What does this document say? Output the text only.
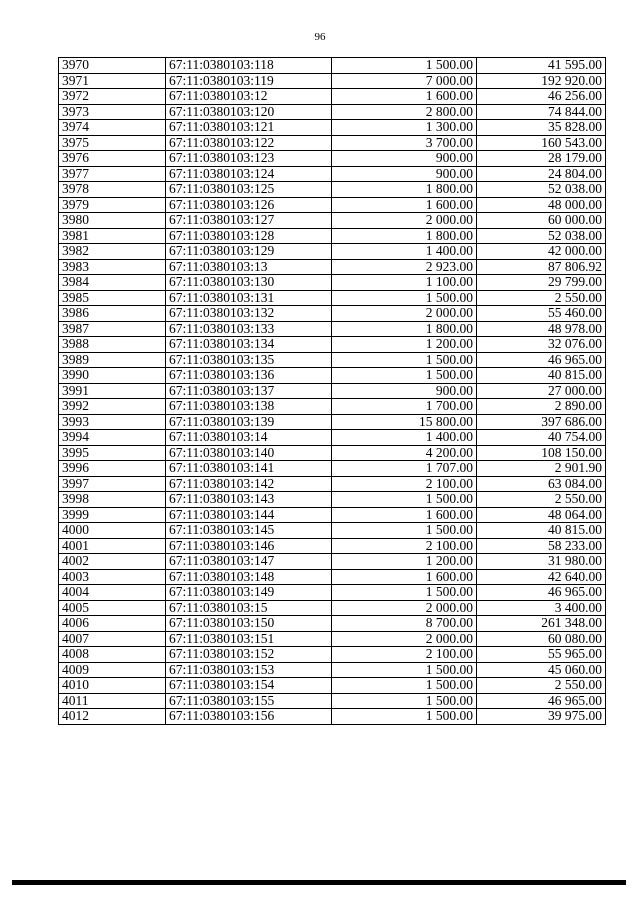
96
3970	67:11:0380103:118	1 500.00	41 595.00
3971	67:11:0380103:119	7 000.00	192 920.00
3972	67:11:0380103:12	1 600.00	46 256.00
3973	67:11:0380103:120	2 800.00	74 844.00
3974	67:11:0380103:121	1 300.00	35 828.00
3975	67:11:0380103:122	3 700.00	160 543.00
3976	67:11:0380103:123	900.00	28 179.00
3977	67:11:0380103:124	900.00	24 804.00
3978	67:11:0380103:125	1 800.00	52 038.00
3979	67:11:0380103:126	1 600.00	48 000.00
3980	67:11:0380103:127	2 000.00	60 000.00
3981	67:11:0380103:128	1 800.00	52 038.00
3982	67:11:0380103:129	1 400.00	42 000.00
3983	67:11:0380103:13	2 923.00	87 806.92
3984	67:11:0380103:130	1 100.00	29 799.00
3985	67:11:0380103:131	1 500.00	2 550.00
3986	67:11:0380103:132	2 000.00	55 460.00
3987	67:11:0380103:133	1 800.00	48 978.00
3988	67:11:0380103:134	1 200.00	32 076.00
3989	67:11:0380103:135	1 500.00	46 965.00
3990	67:11:0380103:136	1 500.00	40 815.00
3991	67:11:0380103:137	900.00	27 000.00
3992	67:11:0380103:138	1 700.00	2 890.00
3993	67:11:0380103:139	15 800.00	397 686.00
3994	67:11:0380103:14	1 400.00	40 754.00
3995	67:11:0380103:140	4 200.00	108 150.00
3996	67:11:0380103:141	1 707.00	2 901.90
3997	67:11:0380103:142	2 100.00	63 084.00
3998	67:11:0380103:143	1 500.00	2 550.00
3999	67:11:0380103:144	1 600.00	48 064.00
4000	67:11:0380103:145	1 500.00	40 815.00
4001	67:11:0380103:146	2 100.00	58 233.00
4002	67:11:0380103:147	1 200.00	31 980.00
4003	67:11:0380103:148	1 600.00	42 640.00
4004	67:11:0380103:149	1 500.00	46 965.00
4005	67:11:0380103:15	2 000.00	3 400.00
4006	67:11:0380103:150	8 700.00	261 348.00
4007	67:11:0380103:151	2 000.00	60 080.00
4008	67:11:0380103:152	2 100.00	55 965.00
4009	67:11:0380103:153	1 500.00	45 060.00
4010	67:11:0380103:154	1 500.00	2 550.00
4011	67:11:0380103:155	1 500.00	46 965.00
4012	67:11:0380103:156	1 500.00	39 975.00
